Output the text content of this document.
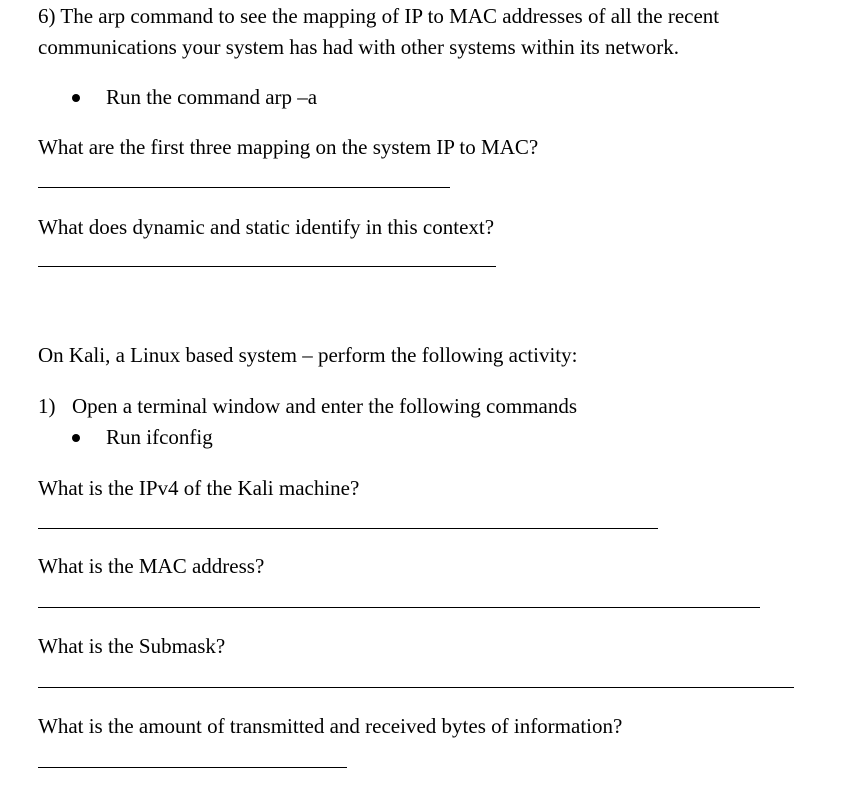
6) The arp command to see the mapping of IP to MAC addresses of all the recent
communications your system has had with other systems within its network.
Run the command arp –a
What are the first three mapping on the system IP to MAC?
What does dynamic and static identify in this context?
On Kali, a Linux based system – perform the following activity:
1) Open a terminal window and enter the following commands
Run ifconfig
What is the IPv4 of the Kali machine?
What is the MAC address?
What is the Submask?
What is the amount of transmitted and received bytes of information?
